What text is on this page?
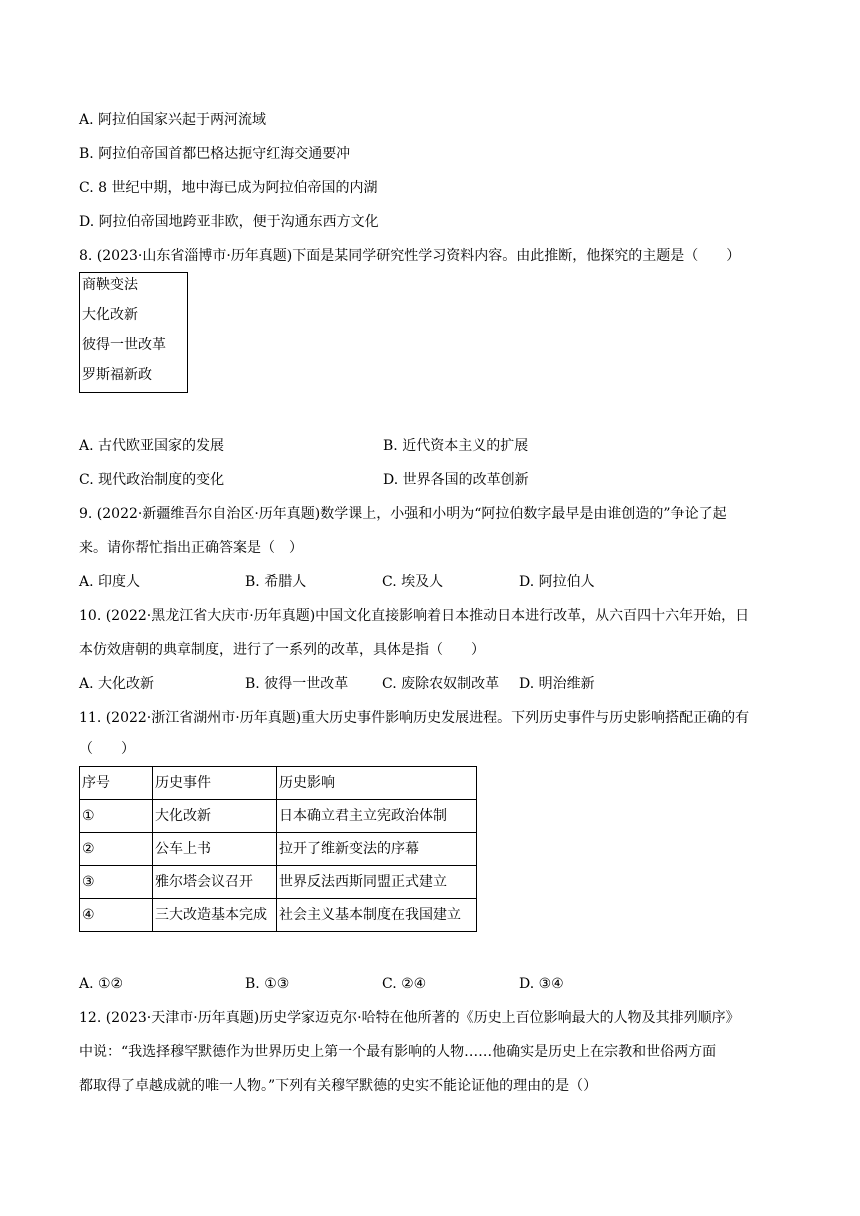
A. 阿拉伯国家兴起于两河流域
B. 阿拉伯帝国首都巴格达扼守红海交通要冲
C. 8 世纪中期，地中海已成为阿拉伯帝国的内湖
D. 阿拉伯帝国地跨亚非欧，便于沟通东西方文化
8. (2023·山东省淄博市·历年真题)下面是某同学研究性学习资料内容。由此推断，他探究的主题是（　　）
商鞅变法
大化改新
彼得一世改革
罗斯福新政
A. 古代欧亚国家的发展	B. 近代资本主义的扩展
C. 现代政治制度的变化	D. 世界各国的改革创新
9. (2022·新疆维吾尔自治区·历年真题)数学课上，小强和小明为“阿拉伯数字最早是由谁创造的”争论了起
来。请你帮忙指出正确答案是（　）
A. 印度人	B. 希腊人	C. 埃及人	D. 阿拉伯人
10. (2022·黑龙江省大庆市·历年真题)中国文化直接影响着日本推动日本进行改革，从六百四十六年开始，日
本仿效唐朝的典章制度，进行了一系列的改革，具体是指（　　）
A. 大化改新	B. 彼得一世改革 C. 废除农奴制改革 D. 明治维新
11. (2022·浙江省湖州市·历年真题)重大历史事件影响历史发展进程。下列历史事件与历史影响搭配正确的有
（　　）
序号	历史事件	历史影响
①	大化改新	日本确立君主立宪政治体制
②	公车上书	拉开了维新变法的序幕
③	雅尔塔会议召开	世界反法西斯同盟正式建立
④	三大改造基本完成	社会主义基本制度在我国建立
A. ①②	B. ①③	C. ②④	D. ③④
12. (2023·天津市·历年真题)历史学家迈克尔·哈特在他所著的《历史上百位影响最大的人物及其排列顺序》
中说：“我选择穆罕默德作为世界历史上第一个最有影响的人物……他确实是历史上在宗教和世俗两方面
都取得了卓越成就的唯一人物。”下列有关穆罕默德的史实不能论证他的理由的是（）
